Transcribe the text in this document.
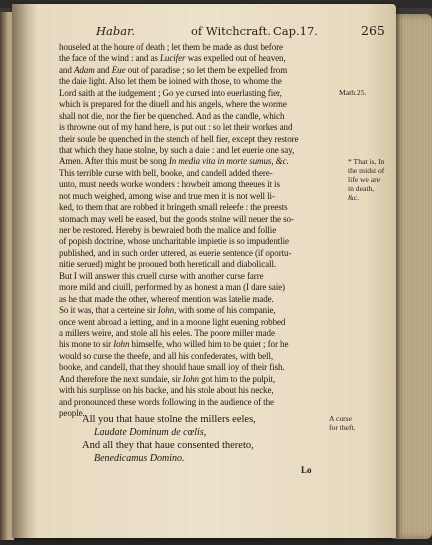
Habar.	of Witchcraft. Cap.17.	265
houseled at the houre of death ; let them be made as dust before
the face of the wind : and as Lucifer was expelled out of heaven,
and Adam and Eue out of paradise ; so let them be expelled from
the daie light. Also let them be ioined with those, to whome the
Lord saith at the iudgement ; Go ye cursed into euerlasting fier,
which is prepared for the diuell and his angels, where the worme
shall not die, nor the fier be quenched. And as the candle, which
is throwne out of my hand here, is put out : so let their workes and
their soule be quenched in the stench of hell fier, except they restore
that which they haue stolne, by such a daie : and let euerie one say,
Amen. After this must be song In media vita in morte sumus, &c.
This terrible curse with bell, booke, and candell added there-
unto, must needs worke wonders : howbeit among theeues it is
not much weighed, among wise and true men it is not well li-
ked, to them that are robbed it bringeth small releefe : the preests
stomach may well be eased, but the goods stolne will neuer the so-
ner be restored. Hereby is bewraied both the malice and follie
of popish doctrine, whose uncharitable impietie is so impudentlie
published, and in such order uttered, as euerie sentence (if oportu-
nitie serued) might be prooued both hereticall and diabolicall.
But I will answer this cruell curse with another curse farre
more mild and ciuill, performed by as honest a man (I dare saie)
as he that made the other, whereof mention was latelie made.
So it was, that a certeine sir Iohn, with some of his companie,
once went abroad a ietting, and in a moone light euening robbed
a millers weire, and stole all his eeles. The poore miller made
his mone to sir Iohn himselfe, who willed him to be quiet ; for he
would so curse the theefe, and all his confederates, with bell,
booke, and candell, that they should haue small ioy of their fish.
And therefore the next sundaie, sir Iohn got him to the pulpit,
with his surplisse on his backe, and his stole about his necke,
and pronounced these words following in the audience of the
people.
All you that haue stolne the millers eeles,
Laudate Dominum de cœlis,
And all they that haue consented thereto,
Benedicamus Domino.
Math.25.
* That is, In
the midst of
life we are
in death,
&c.
A curse
for theft.
Lo
